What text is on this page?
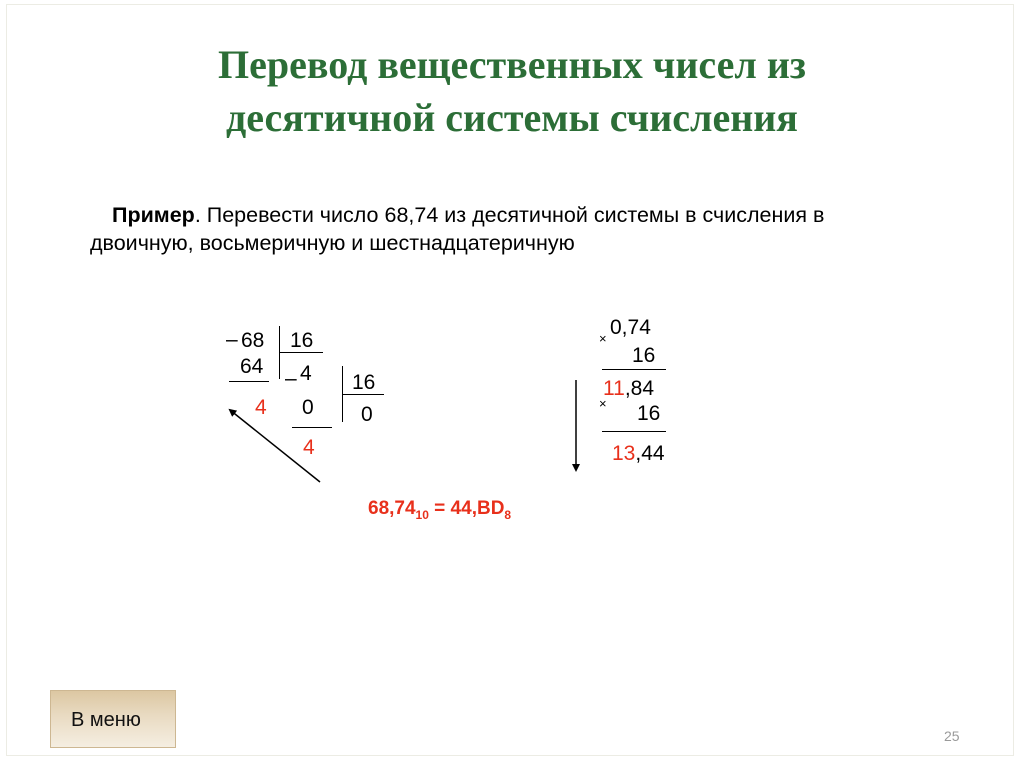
Перевод вещественных чисел из
десятичной системы счисления
Пример. Перевести число 68,74 из десятичной системы в счисления в
двоичную, восьмеричную и шестнадцатеричную
– 68 16
64
– 4 16
4 0 0
4
× 0,74
16
11,84
× 16
13,44
$68,74_{10} = 44,BD_8$
В меню
25
